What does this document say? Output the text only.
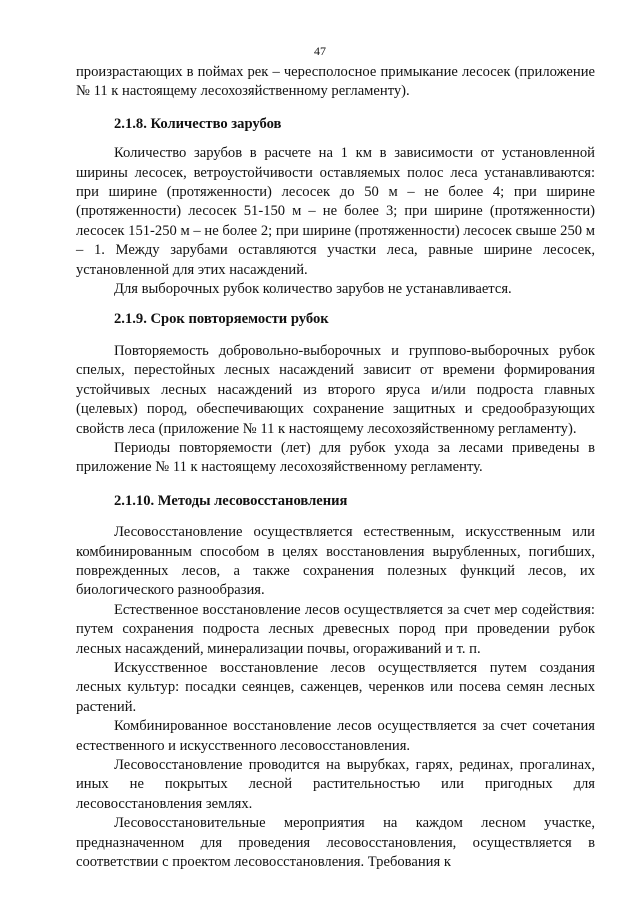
47

произрастающих в поймах рек – чересполосное примыкание лесосек (приложение № 11 к настоящему лесохозяйственному регламенту).

2.1.8. Количество зарубов

Количество зарубов в расчете на 1 км в зависимости от установленной ширины лесосек, ветроустойчивости оставляемых полос леса устанавливаются: при ширине (протяженности) лесосек до 50 м – не более 4; при ширине (протяженности) лесосек 51-150 м – не более 3; при ширине (протяженности) лесосек 151-250 м – не более 2; при ширине (протяженности) лесосек свыше 250 м – 1. Между зарубами оставляются участки леса, равные ширине лесосек, установленной для этих насаждений.

Для выборочных рубок количество зарубов не устанавливается.

2.1.9. Срок повторяемости рубок

Повторяемость добровольно-выборочных и группово-выборочных рубок спелых, перестойных лесных насаждений зависит от времени формирования устойчивых лесных насаждений из второго яруса и/или подроста главных (целевых) пород, обеспечивающих сохранение защитных и средообразующих свойств леса (приложение № 11 к настоящему лесохозяйственному регламенту).

Периоды повторяемости (лет) для рубок ухода за лесами приведены в приложение № 11 к настоящему лесохозяйственному регламенту.

2.1.10. Методы лесовосстановления

Лесовосстановление осуществляется естественным, искусственным или комбинированным способом в целях восстановления вырубленных, погибших, поврежденных лесов, а также сохранения полезных функций лесов, их биологического разнообразия.

Естественное восстановление лесов осуществляется за счет мер содействия: путем сохранения подроста лесных древесных пород при проведении рубок лесных насаждений, минерализации почвы, огораживаний и т. п.

Искусственное восстановление лесов осуществляется путем создания лесных культур: посадки сеянцев, саженцев, черенков или посева семян лесных растений.

Комбинированное восстановление лесов осуществляется за счет сочетания естественного и искусственного лесовосстановления.

Лесовосстановление проводится на вырубках, гарях, рединах, прогалинах, иных не покрытых лесной растительностью или пригодных для лесовосстановления землях.

Лесовосстановительные мероприятия на каждом лесном участке, предназначенном для проведения лесовосстановления, осуществляется в соответствии с проектом лесовосстановления. Требования к
